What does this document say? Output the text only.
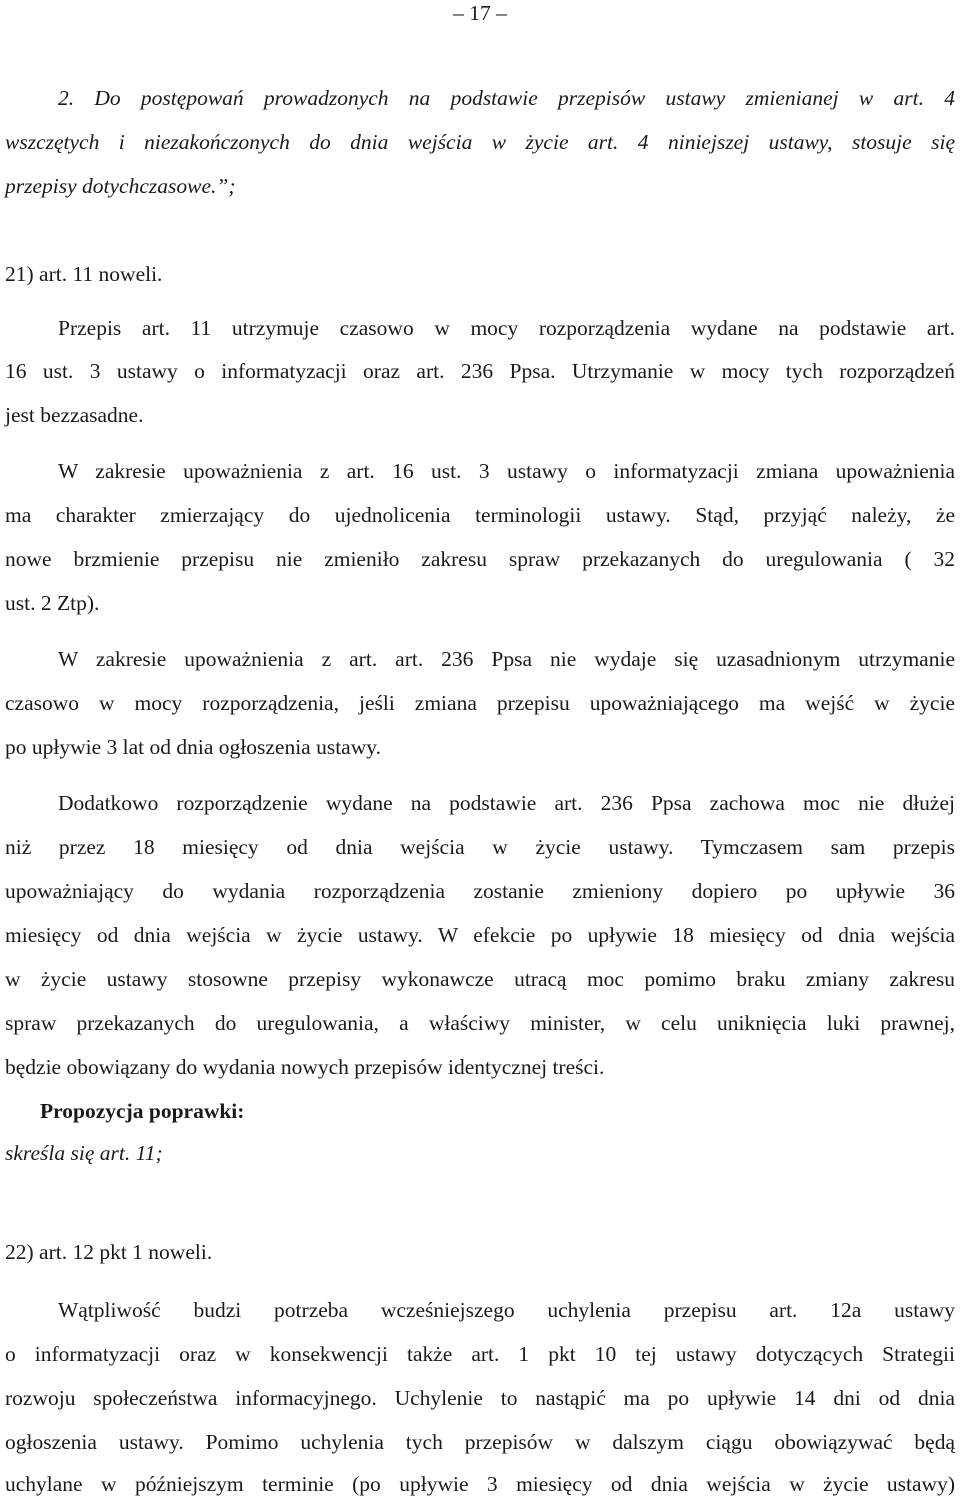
– 17 –
2. Do postępowań prowadzonych na podstawie przepisów ustawy zmienianej w art. 4
wszczętych i niezakończonych do dnia wejścia w życie art. 4 niniejszej ustawy, stosuje się
przepisy dotychczasowe.”;
21) art. 11 noweli.
Przepis art. 11 utrzymuje czasowo w mocy rozporządzenia wydane na podstawie art.
16 ust. 3 ustawy o informatyzacji oraz art. 236 Ppsa. Utrzymanie w mocy tych rozporządzeń
jest bezzasadne.
W zakresie upoważnienia z art. 16 ust. 3 ustawy o informatyzacji zmiana upoważnienia
ma charakter zmierzający do ujednolicenia terminologii ustawy. Stąd, przyjąć należy, że
nowe brzmienie przepisu nie zmieniło zakresu spraw przekazanych do uregulowania ( 32
ust. 2 Ztp).
W zakresie upoważnienia z art. art. 236 Ppsa nie wydaje się uzasadnionym utrzymanie
czasowo w mocy rozporządzenia, jeśli zmiana przepisu upoważniającego ma wejść w życie
po upływie 3 lat od dnia ogłoszenia ustawy.
Dodatkowo rozporządzenie wydane na podstawie art. 236 Ppsa zachowa moc nie dłużej
niż przez 18 miesięcy od dnia wejścia w życie ustawy. Tymczasem sam przepis
upoważniający do wydania rozporządzenia zostanie zmieniony dopiero po upływie 36
miesięcy od dnia wejścia w życie ustawy. W efekcie po upływie 18 miesięcy od dnia wejścia
w życie ustawy stosowne przepisy wykonawcze utracą moc pomimo braku zmiany zakresu
spraw przekazanych do uregulowania, a właściwy minister, w celu uniknięcia luki prawnej,
będzie obowiązany do wydania nowych przepisów identycznej treści.
Propozycja poprawki:
skreśla się art. 11;
22) art. 12 pkt 1 noweli.
Wątpliwość budzi potrzeba wcześniejszego uchylenia przepisu art. 12a ustawy
o informatyzacji oraz w konsekwencji także art. 1 pkt 10 tej ustawy dotyczących Strategii
rozwoju społeczeństwa informacyjnego. Uchylenie to nastąpić ma po upływie 14 dni od dnia
ogłoszenia ustawy. Pomimo uchylenia tych przepisów w dalszym ciągu obowiązywać będą
uchylane w późniejszym terminie (po upływie 3 miesięcy od dnia wejścia w życie ustawy)
